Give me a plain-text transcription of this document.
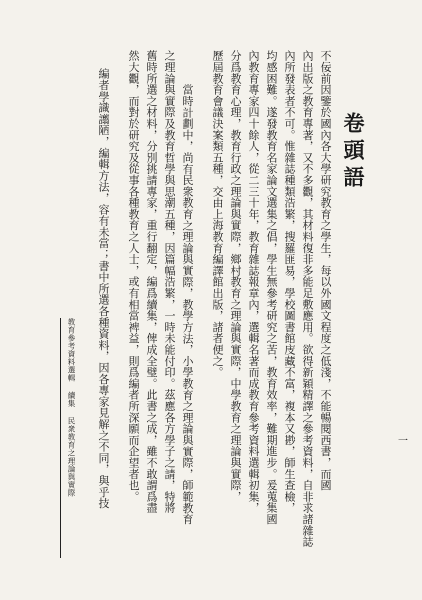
卷頭語
不佞前因鑒於國內各大學研究教育之學生，每以外國文程度之低淺，不能暢閱西書，而國
內出版之教育專著，又不多觀，其材料復非多能足敷應用。欲得新穎精譯之參考資料，自非求諸雜誌
內所發表者不可。惟雜誌種類浩繁，搜羅匪易，學校圖書館庋藏不富，複本又尠，師生查檢，
均感困難。遂發教育名家論文選集之倡，學生無參考研究之苦，教育效率，難期進步。爰蒐集國
內教育專家四十餘人，從二三十年，教育雜誌報章內，選輯名著而成教育參考資料選輯初集，
分爲教育心理，教育行政之理論與實際，鄉村教育之理論與實際，中學教育之理論與實際，
歷屆教育會議決案類五種，交由上海教育編譯館出版，諸者便之。
當時計劃中，尚有民衆教育之理論與實際，教學方法，小學教育之理論與實際，師範教育
之理論與實際及教育哲學與思潮五種，因篇幅浩繁，一時未能付印。茲應各方學子之請，特將
舊時所選之材料，分別挑請專家，重行翻定，編爲續集，俾成全璧。此書之成，雖不敢謂爲盡
然大觀，而對於研究及從事各種教育之人士，或有相當裨益，則爲編者所深願而企望者也。
編者學識譾陋，編輯方法，容有未當；書中所選各種資料，因各專家見解之不同，與乎技
教育參考資料選輯 續集 民衆教育之理論與實際	一
